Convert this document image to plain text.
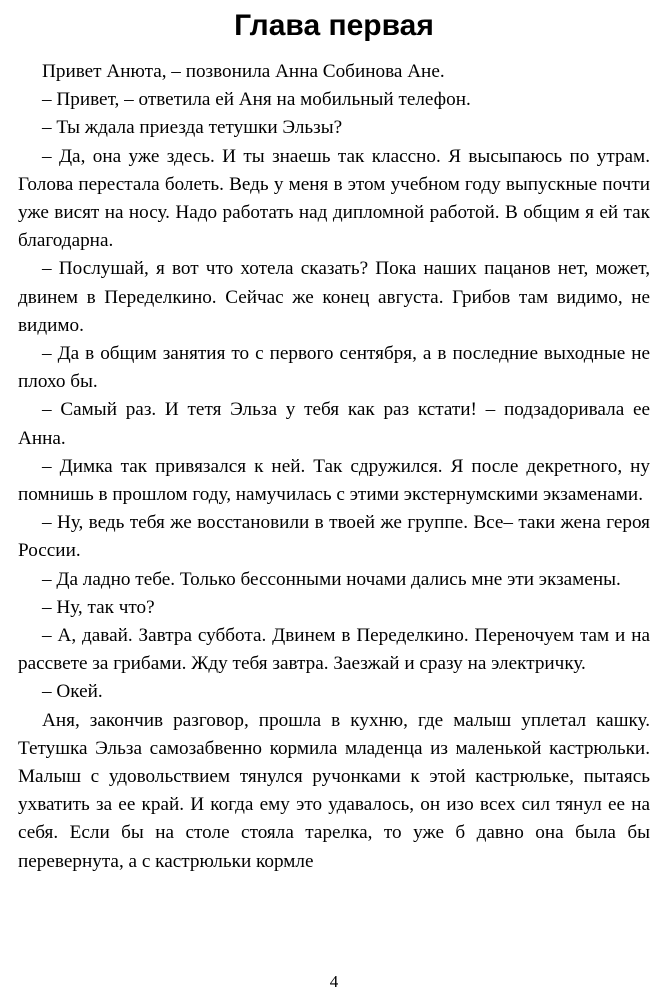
Глава первая

Привет Анюта, – позвонила Анна Собинова Ане.

– Привет, – ответила ей Аня на мобильный телефон.

– Ты ждала приезда тетушки Эльзы?

– Да, она уже здесь. И ты знаешь так классно. Я высыпаюсь по утрам. Голова перестала болеть. Ведь у меня в этом учебном году выпускные почти уже висят на носу. Надо работать над дипломной работой. В общим я ей так благодарна.

– Послушай, я вот что хотела сказать? Пока наших пацанов нет, может, двинем в Переделкино. Сейчас же конец августа. Грибов там видимо, не видимо.

– Да в общим занятия то с первого сентября, а в последние выходные не плохо бы.

– Самый раз. И тетя Эльза у тебя как раз кстати! – подзадоривала ее Анна.

– Димка так привязался к ней. Так сдружился. Я после декретного, ну помнишь в прошлом году, намучилась с этими экстернумскими экзаменами.

– Ну, ведь тебя же восстановили в твоей же группе. Все– таки жена героя России.

– Да ладно тебе. Только бессонными ночами дались мне эти экзамены.

– Ну, так что?

– А, давай. Завтра суббота. Двинем в Переделкино. Переночуем там и на рассвете за грибами. Жду тебя завтра. Заезжай и сразу на электричку.

– Окей.

Аня, закончив разговор, прошла в кухню, где малыш уплетал кашку. Тетушка Эльза самозабвенно кормила младенца из маленькой кастрюльки. Малыш с удовольствием тянулся ручонками к этой кастрюльке, пытаясь ухватить за ее край. И когда ему это удавалось, он изо всех сил тянул ее на себя. Если бы на столе стояла тарелка, то уже б давно она была бы перевернута, а с кастрюльки кормле

4
